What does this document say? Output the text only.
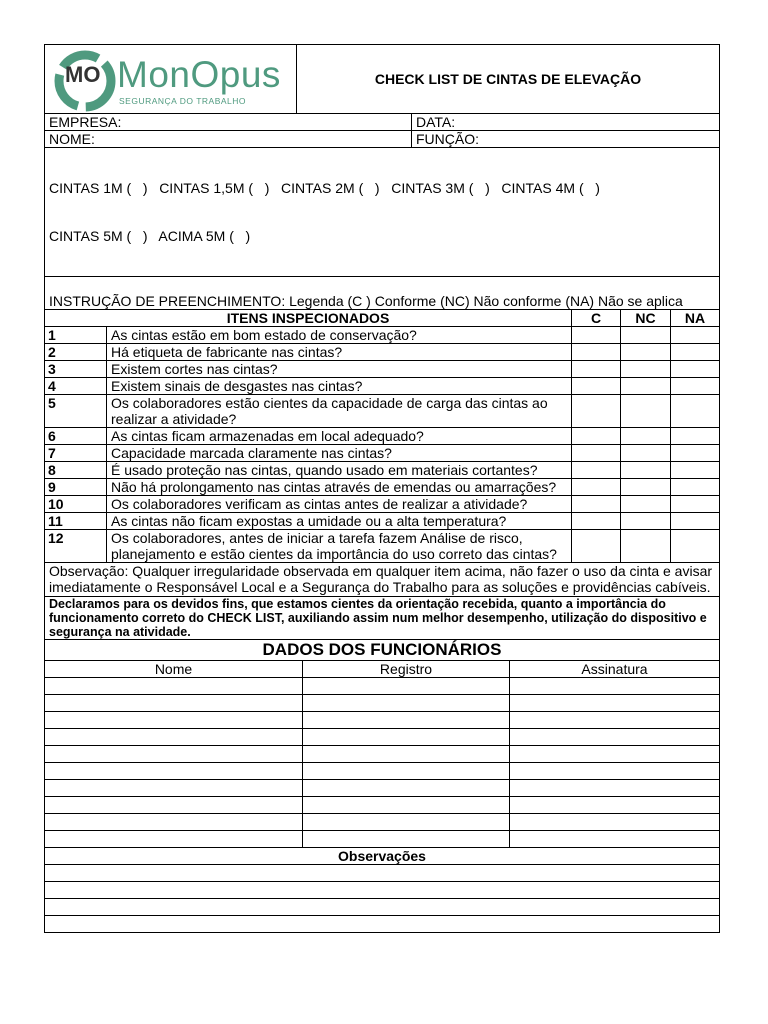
MO MonOpus
SEGURANÇA DO TRABALHO
	CHECK LIST DE CINTAS DE ELEVAÇÃO
EMPRESA:	DATA:
NOME:	FUNÇÃO:

CINTAS 1M (   )   CINTAS 1,5M (   )   CINTAS 2M (   )   CINTAS 3M (   )   CINTAS 4M (   )

CINTAS 5M (   )   ACIMA 5M (   )	

INSTRUÇÃO DE PREENCHIMENTO: Legenda (C ) Conforme (NC) Não conforme (NA) Não se aplica	
ITENS INSPECIONADOS		C	NC	NA
1	As cintas estão em bom estado de conservação?			
2	Há etiqueta de fabricante nas cintas?			
3	Existem cortes nas cintas?			
4	Existem sinais de desgastes nas cintas?			
5	Os colaboradores estão cientes da capacidade de carga das cintas ao realizar a atividade?			
6	As cintas ficam armazenadas em local adequado?			
7	Capacidade marcada claramente nas cintas?			
8	É usado proteção nas cintas, quando usado em materiais cortantes?			
9	Não há prolongamento nas cintas através de emendas ou amarrações?			
10	Os colaboradores verificam as cintas antes de realizar a atividade?			
11	As cintas não ficam expostas a umidade ou a alta temperatura?			
12	Os colaboradores, antes de iniciar a tarefa fazem Análise de risco, planejamento e estão cientes da importância do uso correto das cintas?			
Observação: Qualquer irregularidade observada em qualquer item acima, não fazer o uso da cinta e avisar imediatamente o Responsável Local e a Segurança do Trabalho para as soluções e providências cabíveis.				
Declaramos para os devidos fins, que estamos cientes da orientação recebida, quanto a importância do funcionamento correto do CHECK LIST, auxiliando assim num melhor desempenho, utilização do dispositivo e segurança na atividade.				
DADOS DOS FUNCIONÁRIOS		
Nome	Registro	Assinatura

Observações		
